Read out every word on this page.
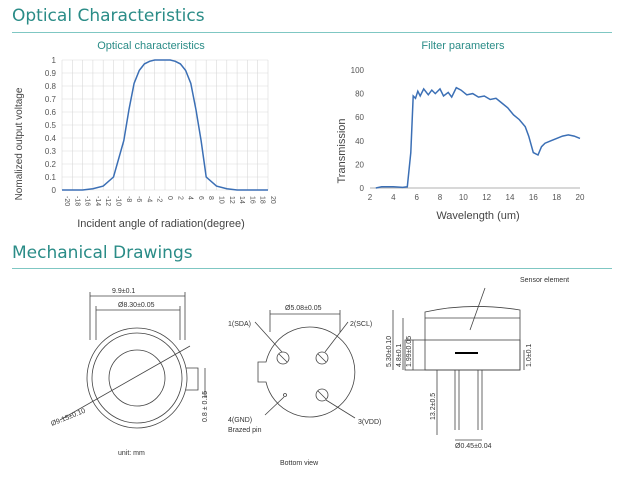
Optical Characteristics
Optical characteristics
0
0.1
0.2
0.3
0.4
0.5
0.6
0.7
0.8
0.9
1
-20 -18 -16 -14 -12 -10 -8 -6 -4 -2 0 2 4 6 8 10 12 14 16 18 20
Nomalized output voltage
Incident angle of radiation(degree)
Filter parameters
0
20
40
60
80
100
2 4 6 8 10 12 14 16 18 20
Transmission
Wavelength (um)
Mechanical Drawings
9.9±0.1
Ø8.30±0.05
Ø9.15±0.10	0.8 ± 0.15
unit: mm
Ø5.08±0.05
1(SDA)	2(SCL)
4(GND)
Brazed pin
3(VDD)
Bottom view
Sensor element
5.30±0.10 4.8±0.1 1.99±0.05	1.0±0.1
13.2±0.5
Ø0.45±0.04
